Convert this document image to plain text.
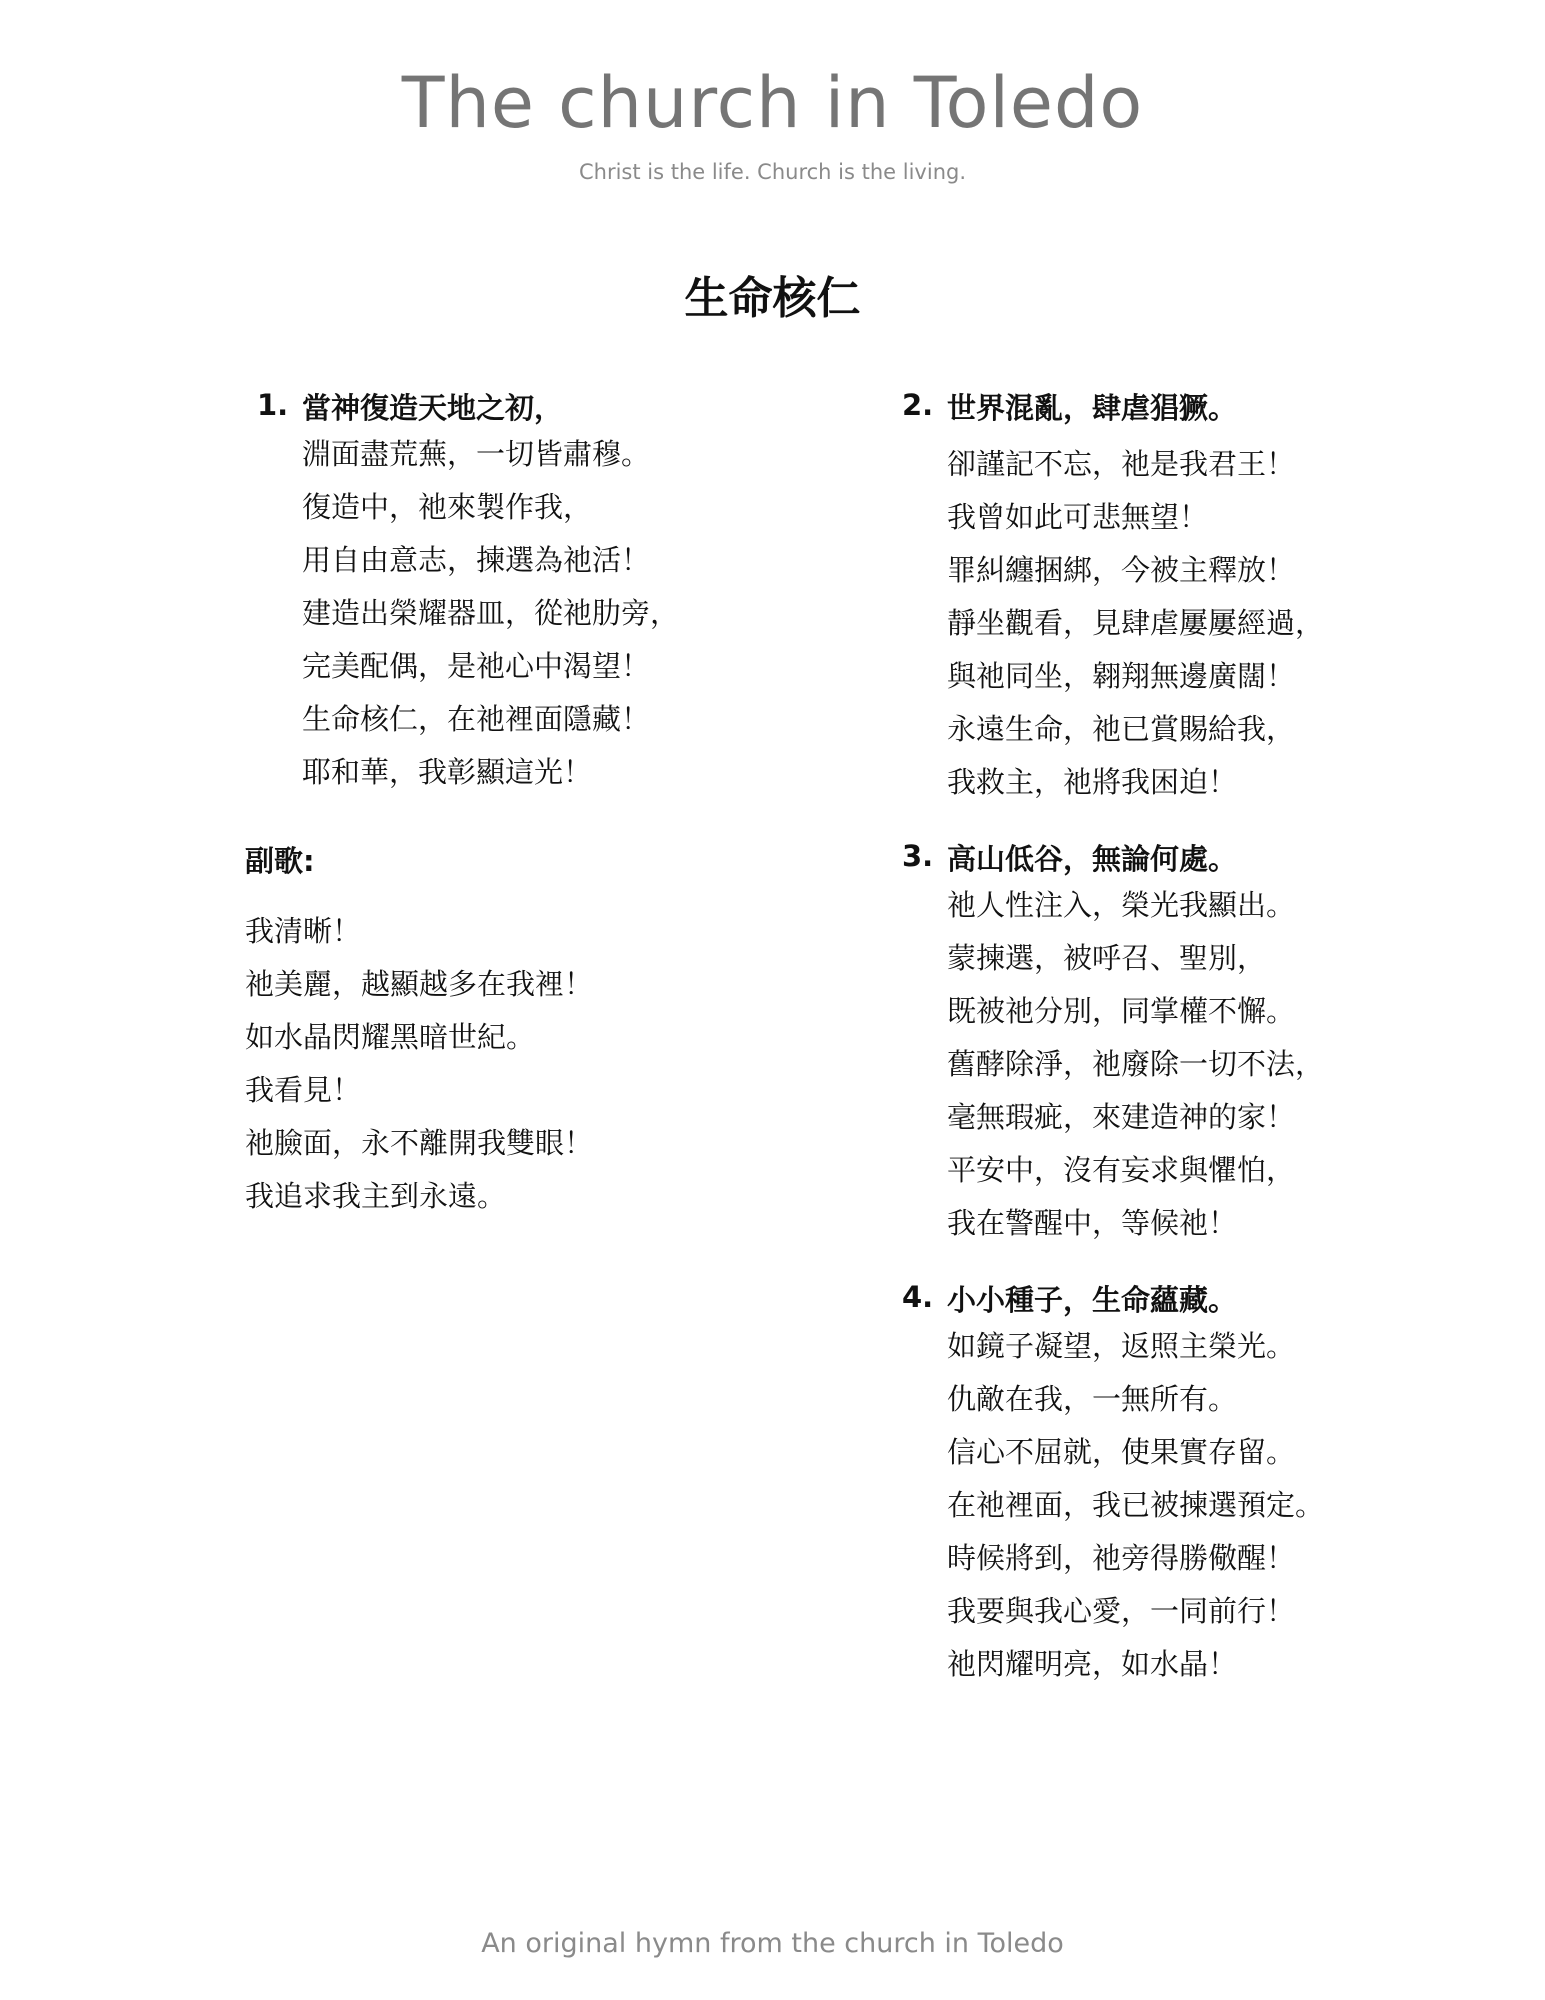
The church in Toledo

Christ is the life. Church is the living.

生命核仁
1. 當神復造天地之初，
淵面盡荒蕪，一切皆肅穆。
復造中，祂來製作我，
用自由意志，揀選為祂活！
建造出榮耀器皿，從祂肋旁，
完美配偶，是祂心中渴望！
生命核仁，在祂裡面隱藏！
耶和華，我彰顯這光！
副歌:
我清晰！
祂美麗，越顯越多在我裡！
如水晶閃耀黑暗世紀。
我看見！
祂臉面，永不離開我雙眼！
我追求我主到永遠。
2. 世界混亂，肆虐猖獗。
卻謹記不忘，祂是我君王！
我曾如此可悲無望！
罪糾纏捆綁，今被主釋放！
靜坐觀看，見肆虐屢屢經過，
與祂同坐，翱翔無邊廣闊！
永遠生命，祂已賞賜給我，
我救主，祂將我困迫！
3. 高山低谷，無論何處。
祂人性注入，榮光我顯出。
蒙揀選，被呼召、聖別，
既被祂分別，同掌權不懈。
舊酵除淨，祂廢除一切不法，
毫無瑕疵，來建造神的家！
平安中，沒有妄求與懼怕，
我在警醒中，等候祂！
4. 小小種子，生命蘊藏。
如鏡子凝望，返照主榮光。
仇敵在我，一無所有。
信心不屈就，使果實存留。
在祂裡面，我已被揀選預定。
時候將到，祂旁得勝儆醒！
我要與我心愛，一同前行！
祂閃耀明亮，如水晶！
An original hymn from the church in Toledo
